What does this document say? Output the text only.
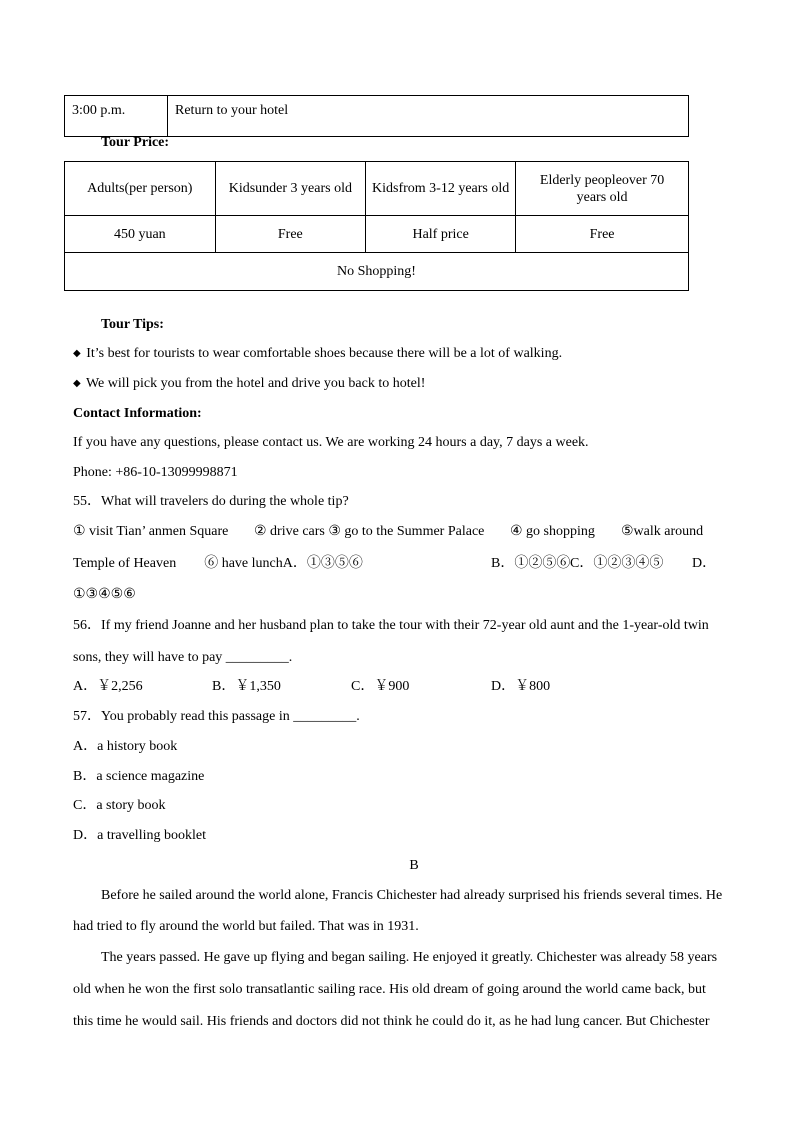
3:00 p.m.	Return to your hotel
Tour Price:
Adults(per person)	Kidsunder 3 years old	Kidsfrom 3-12 years old	Elderly peopleover 70 years old
450 yuan	Free	Half price	Free
No Shopping!			
Tour Tips:
◆ It’s best for tourists to wear comfortable shoes because there will be a lot of walking.
◆ We will pick you from the hotel and drive you back to hotel!
Contact Information:
If you have any questions, please contact us. We are working 24 hours a day, 7 days a week.
Phone: +86-10-13099998871
55．What will travelers do during the whole tip?
① visit Tian’ anmen Square ② drive cars ③ go to the Summer Palace ④ go shopping ⑤walk around
Temple of Heaven　　⑥ have lunchA．①③⑤⑥	B．①②⑤⑥ C．①②③④⑤ D．
①③④⑤⑥
56．If my friend Joanne and her husband plan to take the tour with their 72-year old aunt and the 1-year-old twin
sons, they will have to pay _________.
A．￥2,256	B．￥1,350	C．￥900	D．￥800
57．You probably read this passage in _________.
A．a history book
B．a science magazine
C．a story book
D．a travelling booklet
B
Before he sailed around the world alone, Francis Chichester had already surprised his friends several times. He
had tried to fly around the world but failed. That was in 1931.
The years passed. He gave up flying and began sailing. He enjoyed it greatly. Chichester was already 58 years
old when he won the first solo transatlantic sailing race. His old dream of going around the world came back, but
this time he would sail. His friends and doctors did not think he could do it, as he had lung cancer. But Chichester
